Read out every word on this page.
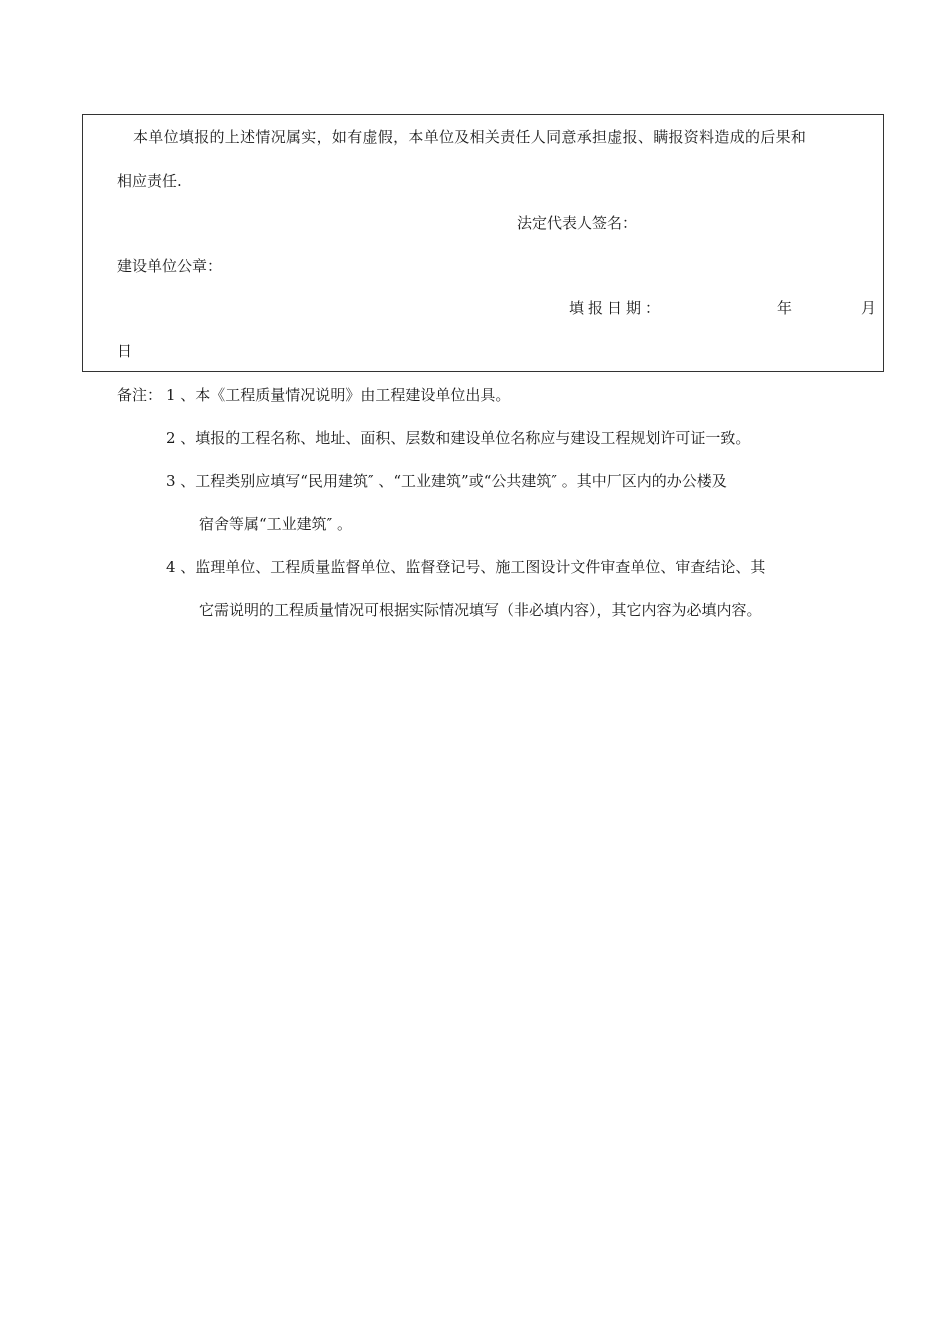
本单位填报的上述情况属实，如有虚假，本单位及相关责任人同意承担虚报、瞒报资料造成的后果和
相应责任.
法定代表人签名：
建设单位公章：
填报日期：	年	月
日
备注： 1 、本《工程质量情况说明》由工程建设单位出具。
2 、填报的工程名称、地址、面积、层数和建设单位名称应与建设工程规划许可证一致。
3 、工程类别应填写“民用建筑″ 、“工业建筑”或“公共建筑″ 。其中厂区内的办公楼及
宿舍等属“工业建筑″ 。
4 、监理单位、工程质量监督单位、监督登记号、施工图设计文件审查单位、审查结论、其
它需说明的工程质量情况可根据实际情况填写（非必填内容），其它内容为必填内容。
